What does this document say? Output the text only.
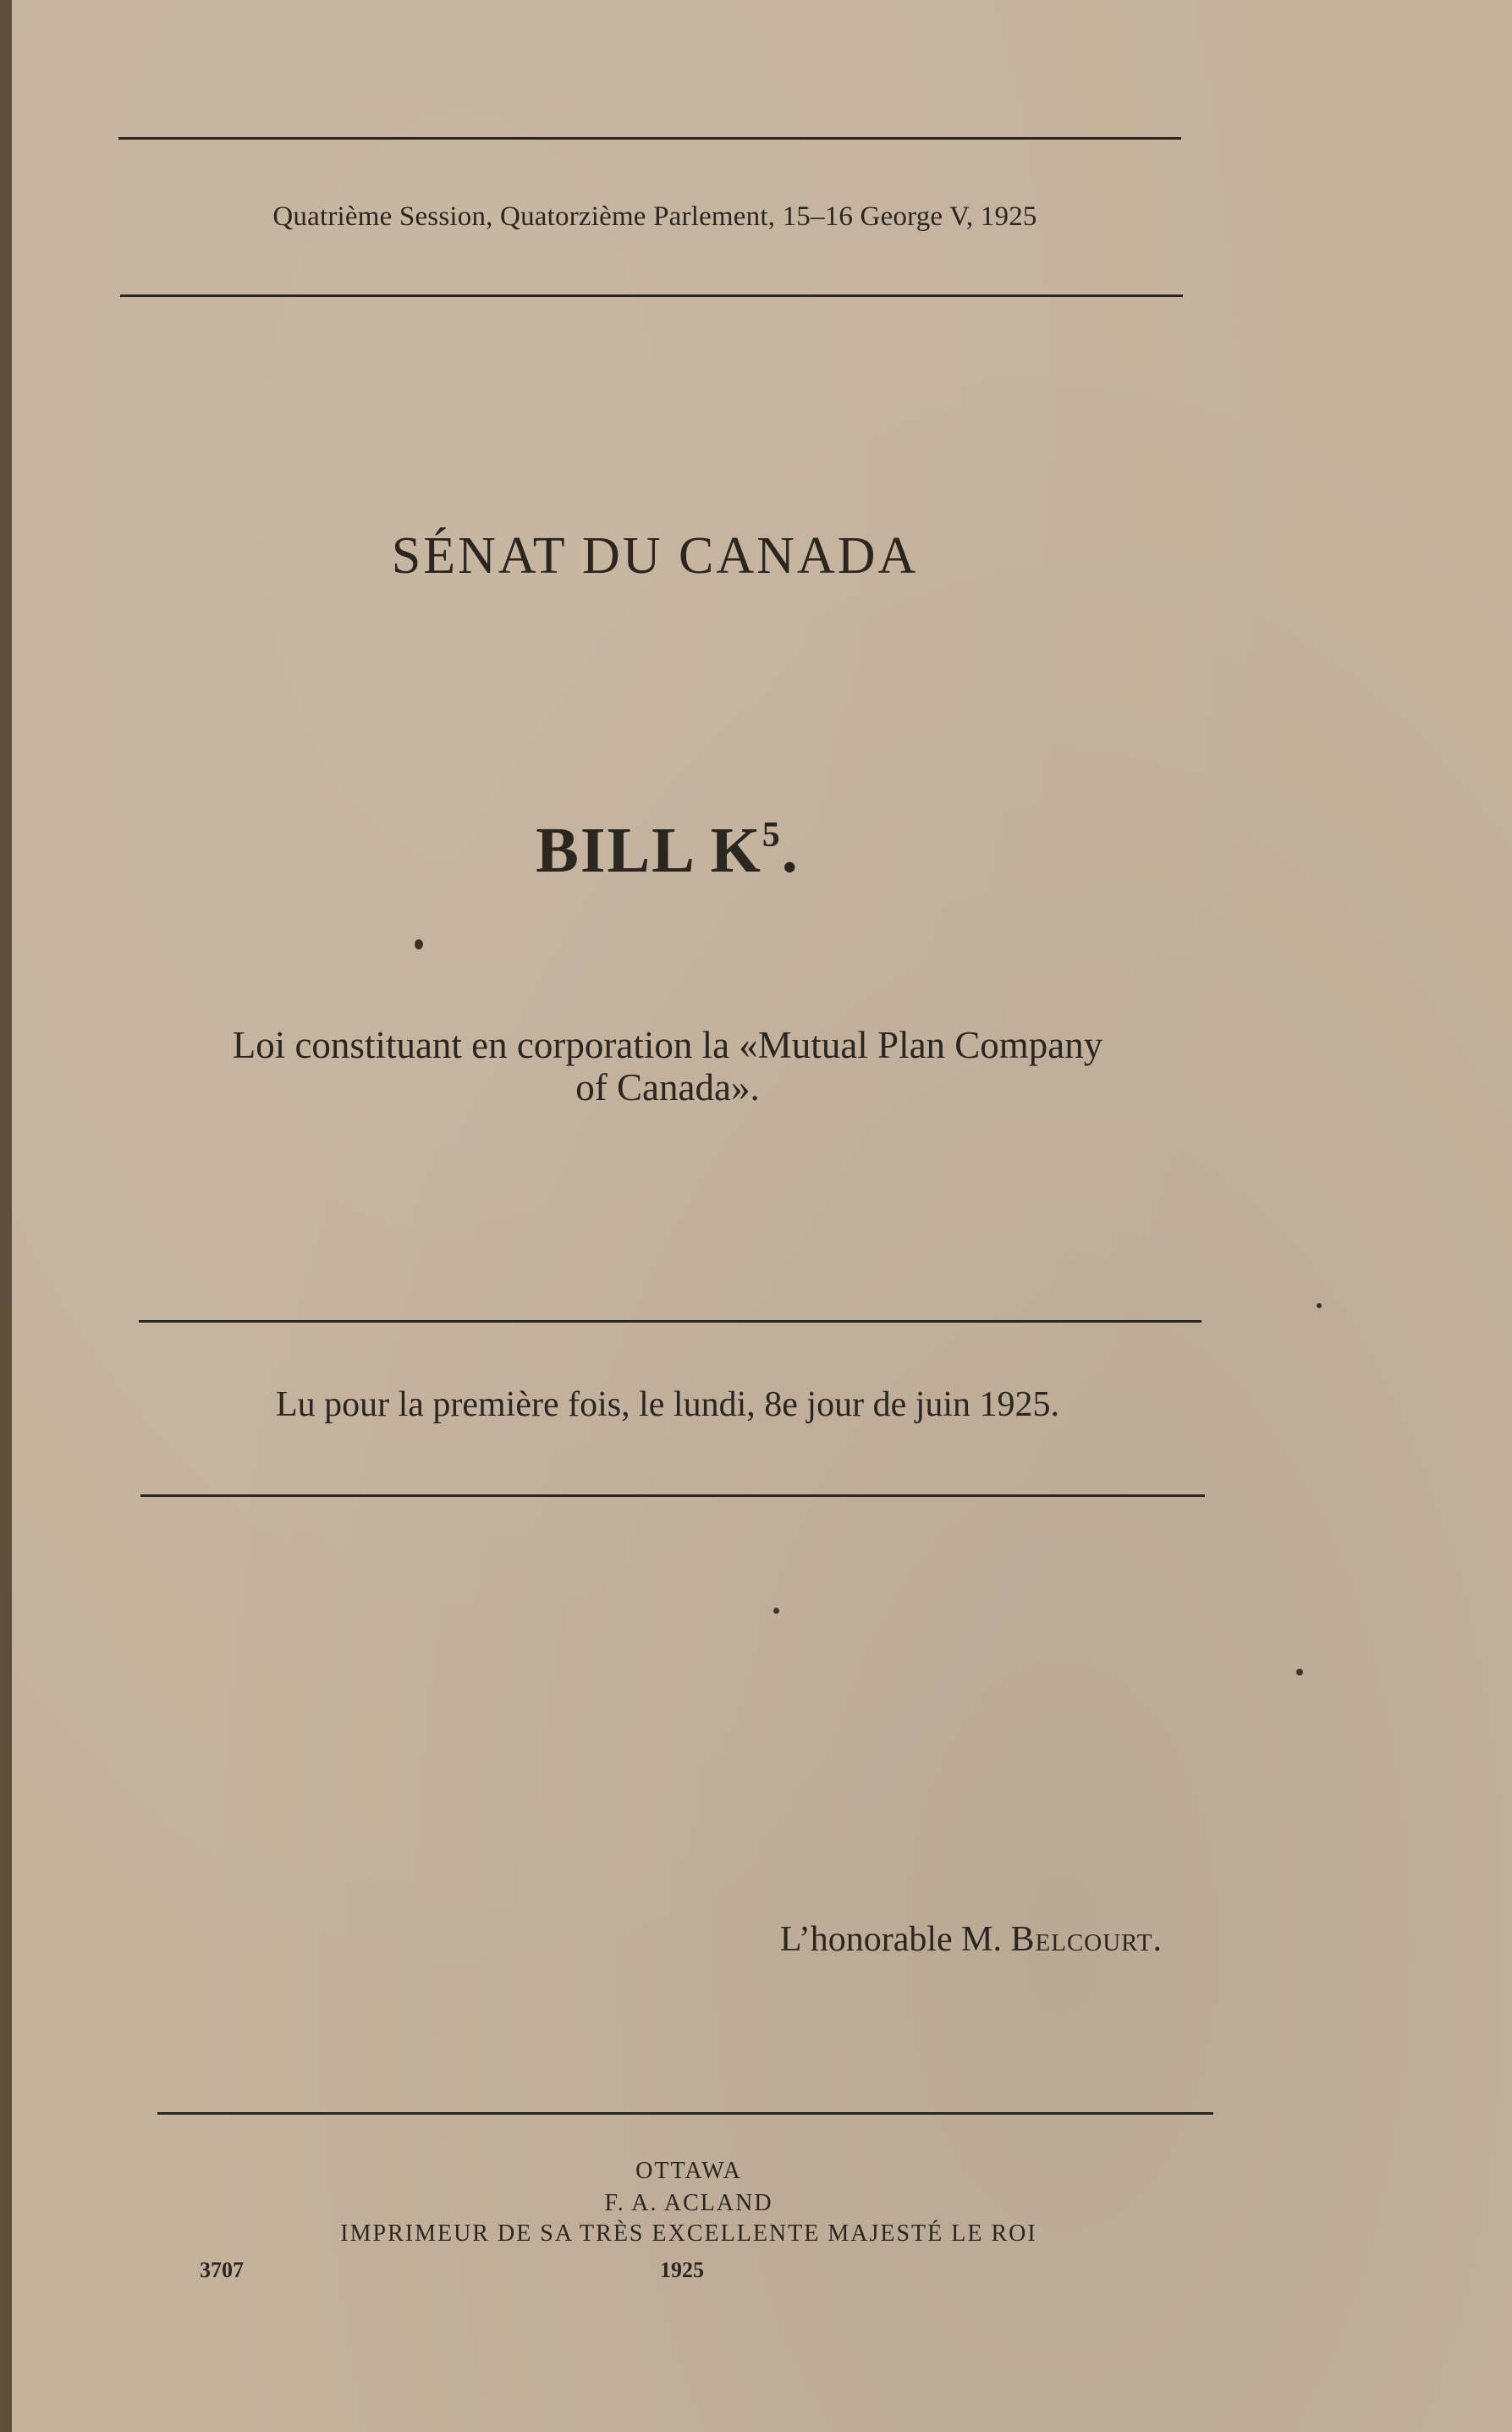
Quatrième Session, Quatorzième Parlement, 15–16 George V, 1925
SÉNAT DU CANADA
BILL $K^5$.
Loi constituant en corporation la «Mutual Plan Company
of Canada».
Lu pour la première fois, le lundi, 8e jour de juin 1925.
L’honorable M. Belcourt.
OTTAWA
F. A. ACLAND
IMPRIMEUR DE SA TRÈS EXCELLENTE MAJESTÉ LE ROI
3707	1925
